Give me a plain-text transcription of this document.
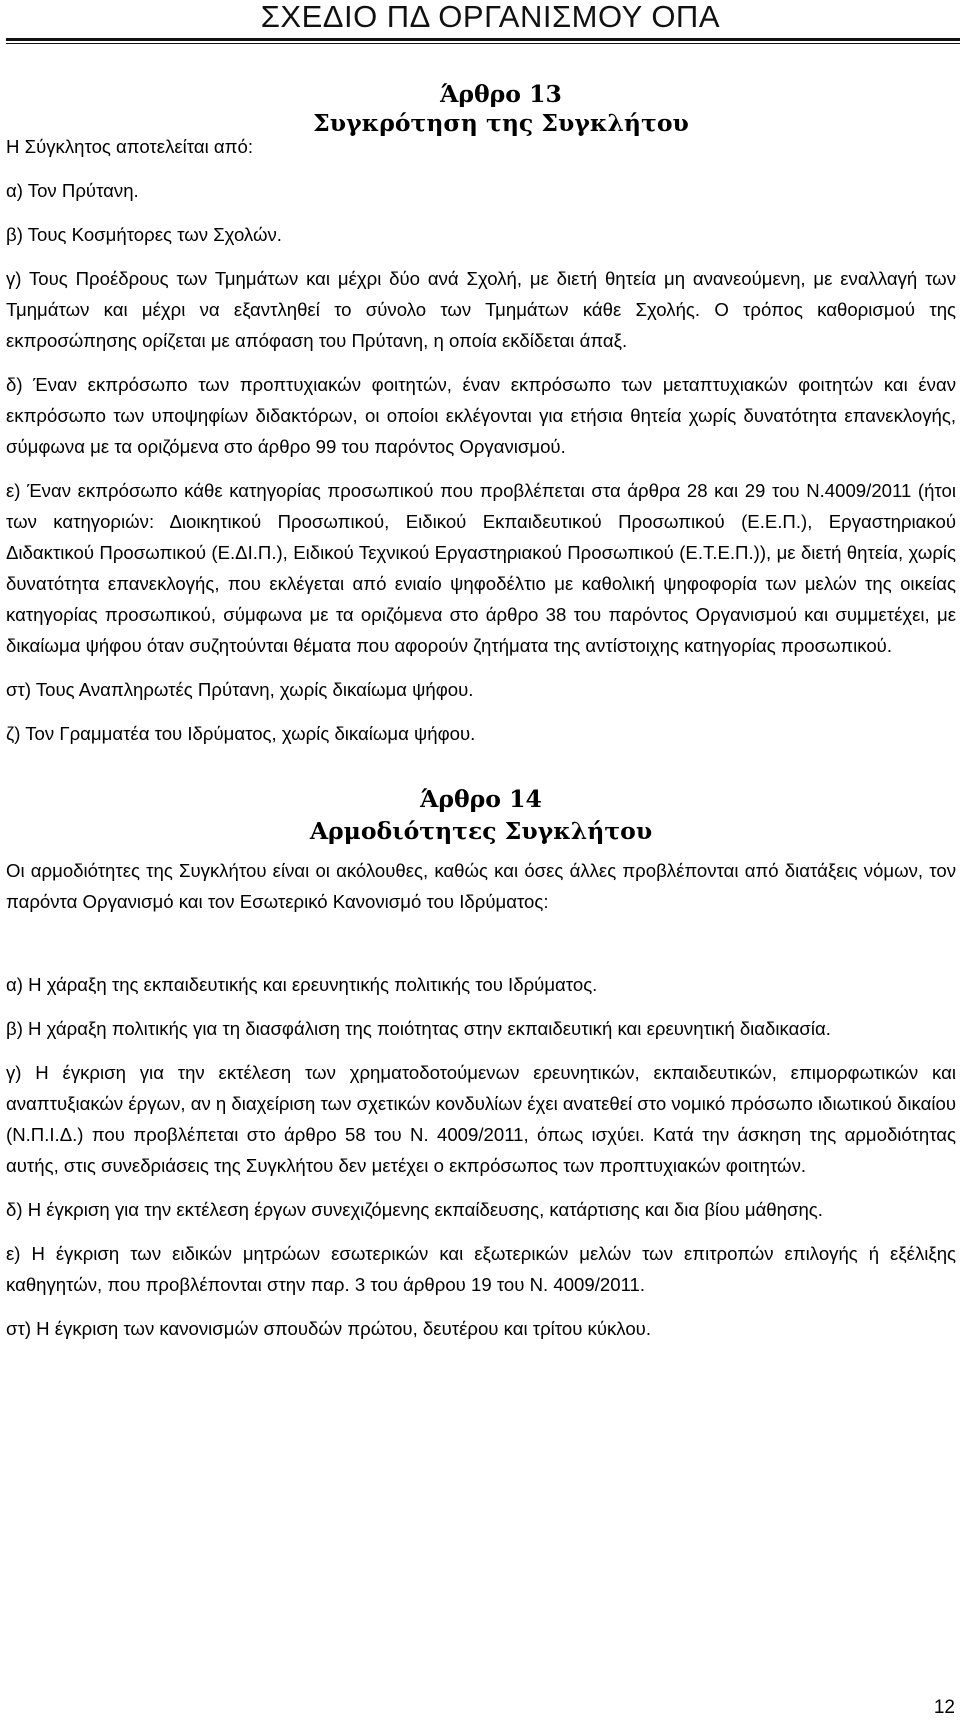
ΣΧΕΔΙΟ ΠΔ ΟΡΓΑΝΙΣΜΟΥ ΟΠΑ
Άρθρο 13
Συγκρότηση της Συγκλήτου

Η Σύγκλητος αποτελείται από:

α) Τον Πρύτανη.

β) Τους Κοσμήτορες των Σχολών.

γ) Τους Προέδρους των Τμημάτων και μέχρι δύο ανά Σχολή, με διετή θητεία μη ανανεούμενη, με εναλλαγή των Τμημάτων και μέχρι να εξαντληθεί το σύνολο των Τμημάτων κάθε Σχολής. Ο τρόπος καθορισμού της εκπροσώπησης ορίζεται με απόφαση του Πρύτανη, η οποία εκδίδεται άπαξ.

δ) Έναν εκπρόσωπο των προπτυχιακών φοιτητών, έναν εκπρόσωπο των μεταπτυχιακών φοιτητών και έναν εκπρόσωπο των υποψηφίων διδακτόρων, οι οποίοι εκλέγονται για ετήσια θητεία χωρίς δυνατότητα επανεκλογής, σύμφωνα με τα οριζόμενα στο άρθρο 99 του παρόντος Οργανισμού.

ε) Έναν εκπρόσωπο κάθε κατηγορίας προσωπικού που προβλέπεται στα άρθρα 28 και 29 του Ν.4009/2011 (ήτοι των κατηγοριών: Διοικητικού Προσωπικού, Ειδικού Εκπαιδευτικού Προσωπικού (Ε.Ε.Π.), Εργαστηριακού Διδακτικού Προσωπικού (Ε.ΔΙ.Π.), Ειδικού Τεχνικού Εργαστηριακού Προσωπικού (Ε.Τ.Ε.Π.)), με διετή θητεία, χωρίς δυνατότητα επανεκλογής, που εκλέγεται από ενιαίο ψηφοδέλτιο με καθολική ψηφοφορία των μελών της οικείας κατηγορίας προσωπικού, σύμφωνα με τα οριζόμενα στο άρθρο 38 του παρόντος Οργανισμού και συμμετέχει, με δικαίωμα ψήφου όταν συζητούνται θέματα που αφορούν ζητήματα της αντίστοιχης κατηγορίας προσωπικού.

στ) Τους Αναπληρωτές Πρύτανη, χωρίς δικαίωμα ψήφου.

ζ) Τον Γραμματέα του Ιδρύματος, χωρίς δικαίωμα ψήφου.

Άρθρο 14
Αρμοδιότητες Συγκλήτου

Οι αρμοδιότητες της Συγκλήτου είναι οι ακόλουθες, καθώς και όσες άλλες προβλέπονται από διατάξεις νόμων, τον παρόντα Οργανισμό και τον Εσωτερικό Κανονισμό του Ιδρύματος:

α) Η χάραξη της εκπαιδευτικής και ερευνητικής πολιτικής του Ιδρύματος.

β) Η χάραξη πολιτικής για τη διασφάλιση της ποιότητας στην εκπαιδευτική και ερευνητική διαδικασία.

γ) Η έγκριση για την εκτέλεση των χρηματοδοτούμενων ερευνητικών, εκπαιδευτικών, επιμορφωτικών και αναπτυξιακών έργων, αν η διαχείριση των σχετικών κονδυλίων έχει ανατεθεί στο νομικό πρόσωπο ιδιωτικού δικαίου (Ν.Π.Ι.Δ.) που προβλέπεται στο άρθρο 58 του Ν. 4009/2011, όπως ισχύει. Κατά την άσκηση της αρμοδιότητας αυτής, στις συνεδριάσεις της Συγκλήτου δεν μετέχει ο εκπρόσωπος των προπτυχιακών φοιτητών.

δ) Η έγκριση για την εκτέλεση έργων συνεχιζόμενης εκπαίδευσης, κατάρτισης και δια βίου μάθησης.

ε) Η έγκριση των ειδικών μητρώων εσωτερικών και εξωτερικών μελών των επιτροπών επιλογής ή εξέλιξης καθηγητών, που προβλέπονται στην παρ. 3 του άρθρου 19 του Ν. 4009/2011.

στ) Η έγκριση των κανονισμών σπουδών πρώτου, δευτέρου και τρίτου κύκλου.

12
